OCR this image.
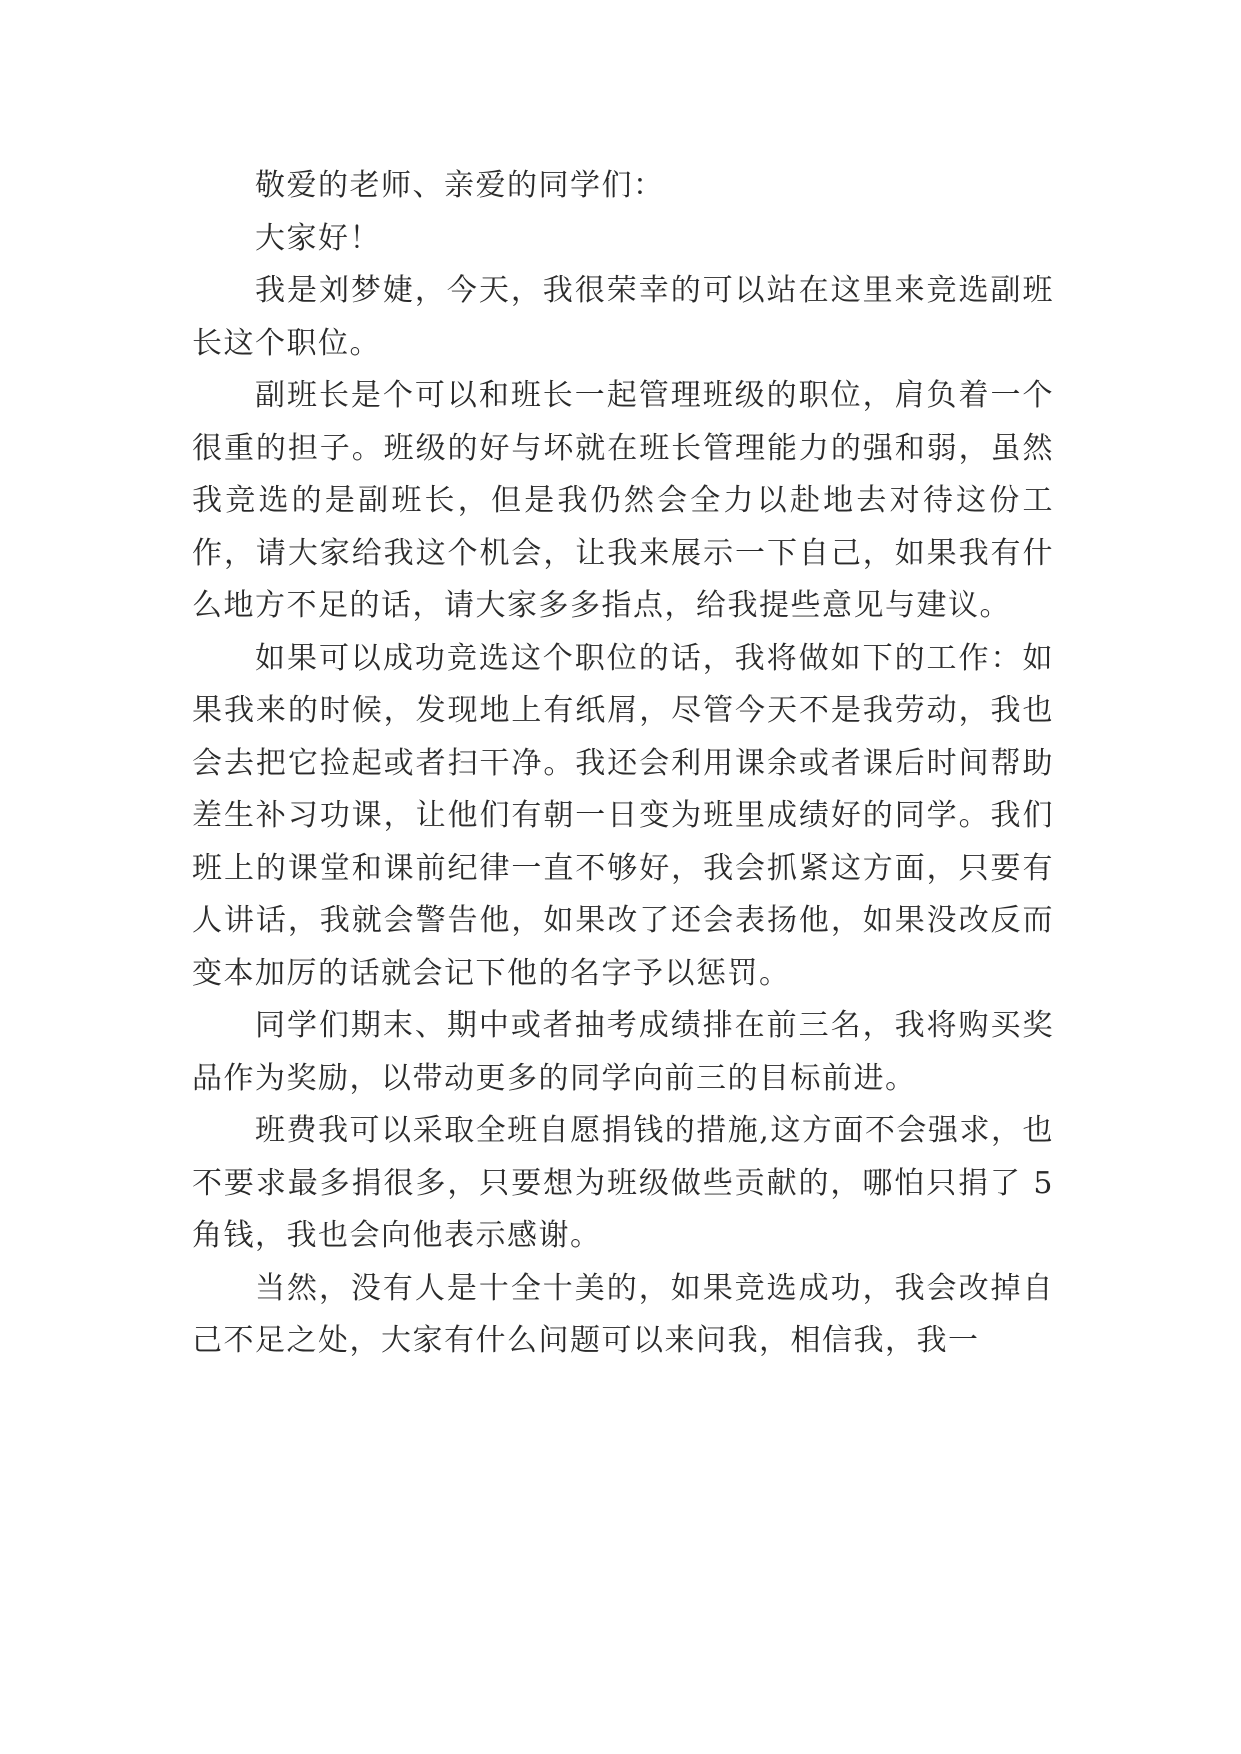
敬爱的老师、亲爱的同学们：

大家好！

我是刘梦婕，今天，我很荣幸的可以站在这里来竞选副班长这个职位。

副班长是个可以和班长一起管理班级的职位，肩负着一个很重的担子。班级的好与坏就在班长管理能力的强和弱，虽然我竞选的是副班长，但是我仍然会全力以赴地去对待这份工作，请大家给我这个机会，让我来展示一下自己，如果我有什么地方不足的话，请大家多多指点，给我提些意见与建议。

如果可以成功竞选这个职位的话，我将做如下的工作：如果我来的时候，发现地上有纸屑，尽管今天不是我劳动，我也会去把它捡起或者扫干净。我还会利用课余或者课后时间帮助差生补习功课，让他们有朝一日变为班里成绩好的同学。我们班上的课堂和课前纪律一直不够好，我会抓紧这方面，只要有人讲话，我就会警告他，如果改了还会表扬他，如果没改反而变本加厉的话就会记下他的名字予以惩罚。

同学们期末、期中或者抽考成绩排在前三名，我将购买奖品作为奖励，以带动更多的同学向前三的目标前进。

班费我可以采取全班自愿捐钱的措施,这方面不会强求，也不要求最多捐很多，只要想为班级做些贡献的，哪怕只捐了 5 角钱，我也会向他表示感谢。

当然，没有人是十全十美的，如果竞选成功，我会改掉自己不足之处，大家有什么问题可以来问我，相信我，我一
